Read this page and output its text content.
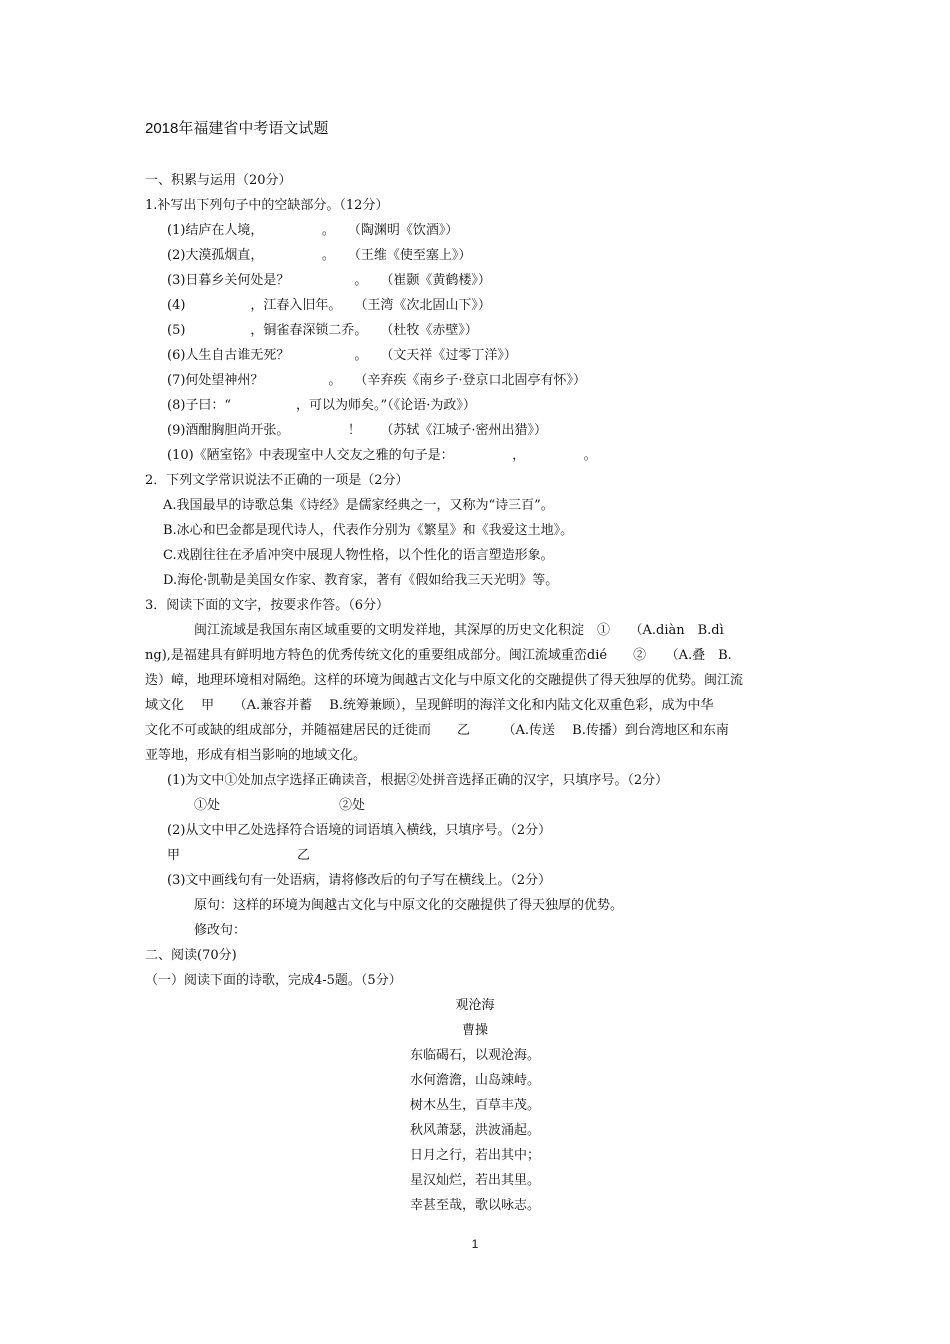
2018年福建省中考语文试题
一、积累与运用（20分）
1.补写出下列句子中的空缺部分。（12分）
(1)结庐在人境，　　　　　。　　（陶渊明《饮酒》）
(2)大漠孤烟直，　　　　　。　　（王维《使至塞上》）
(3)日暮乡关何处是？　　　　　。　　（崔颢《黄鹤楼》）
(4)　　　　　，江春入旧年。　　（王湾《次北固山下》）
(5)　　　　　，铜雀春深锁二乔。　　（杜牧《赤壁》）
(6)人生自古谁无死？　　　　　。　　（文天祥《过零丁洋》）
(7)何处望神州？　　　　　。　　（辛弃疾《南乡子·登京口北固亭有怀》）
(8)子曰：“　　　　　，可以为师矣。”（《论语·为政》）
(9)酒酣胸胆尚开张。　　　　　！　　（苏轼《江城子·密州出猎》）
(10)《陋室铭》中表现室中人交友之雅的句子是：　　　　　，　　　　　。
2．下列文学常识说法不正确的一项是（2分）
A.我国最早的诗歌总集《诗经》是儒家经典之一，又称为“诗三百”。
B.冰心和巴金都是现代诗人，代表作分别为《繁星》和《我爱这土地》。
C.戏剧往往在矛盾冲突中展现人物性格，以个性化的语言塑造形象。
D.海伦·凯勒是美国女作家、教育家，著有《假如给我三天光明》等。
3．阅读下面的文字，按要求作答。（6分）
闽江流域是我国东南区域重要的文明发祥地，其深厚的历史文化积淀　①　　（A.diàn　B.dì
ng),是福建具有鲜明地方特色的优秀传统文化的重要组成部分。闽江流域重峦dié　　②　　（A.叠　B.
迭）嶂，地理环境相对隔绝。这样的环境为闽越古文化与中原文化的交融提供了得天独厚的优势。闽江流
域文化　 甲　　（A.兼容并蓄　 B.统筹兼顾），呈现鲜明的海洋文化和内陆文化双重色彩，成为中华
文化不可或缺的组成部分，并随福建居民的迁徙而　　乙　　　（A.传送　 B.传播）到台湾地区和东南
亚等地，形成有相当影响的地域文化。
(1)为文中①处加点字选择正确读音，根据②处拼音选择正确的汉字，只填序号。（2分）
①处	②处
(2)从文中甲乙处选择符合语境的词语填入横线，只填序号。（2分）
甲	乙
(3)文中画线句有一处语病，请将修改后的句子写在横线上。（2分）
原句：这样的环境为闽越古文化与中原文化的交融提供了得天独厚的优势。
修改句：
二、阅读(70分)
（一）阅读下面的诗歌，完成4-5题。（5分）
观沧海
曹操
东临碣石，以观沧海。
水何澹澹，山岛竦峙。
树木丛生，百草丰茂。
秋风萧瑟，洪波涌起。
日月之行，若出其中；
星汉灿烂，若出其里。
幸甚至哉，歌以咏志。
1
